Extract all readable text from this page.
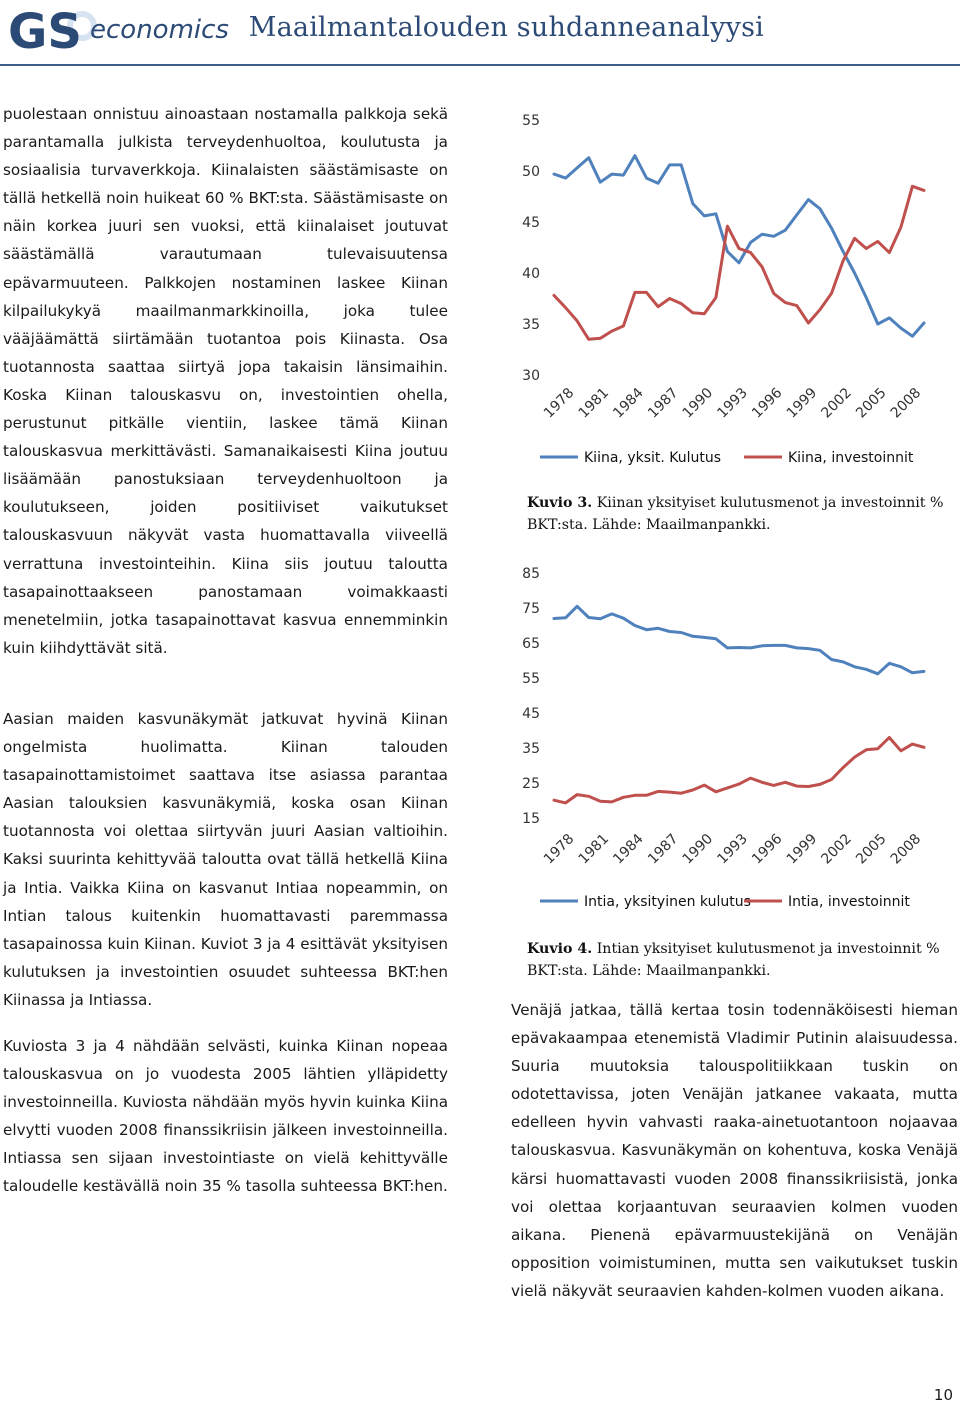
GS economics Maailmantalouden suhdanneanalyysi

puolestaan onnistuu ainoastaan nostamalla palkkoja sekä parantamalla julkista terveydenhuoltoa, koulutusta ja sosiaalisia turvaverkkoja. Kiinalaisten säästämisaste on tällä hetkellä noin huikeat 60 % BKT:sta. Säästämisaste on näin korkea juuri sen vuoksi, että kiinalaiset joutuvat säästämällä varautumaan tulevaisuutensa epävarmuuteen. Palkkojen nostaminen laskee Kiinan kilpailukykyä maailmanmarkkinoilla, joka tulee vääjäämättä siirtämään tuotantoa pois Kiinasta. Osa tuotannosta saattaa siirtyä jopa takaisin länsimaihin. Koska Kiinan talouskasvu on, investointien ohella, perustunut pitkälle vientiin, laskee tämä Kiinan talouskasvua merkittävästi. Samanaikaisesti Kiina joutuu lisäämään panostuksiaan terveydenhuoltoon ja koulutukseen, joiden positiiviset vaikutukset talouskasvuun näkyvät vasta huomattavalla viiveellä verrattuna investointeihin. Kiina siis joutuu taloutta tasapainottaakseen panostamaan voimakkaasti menetelmiin, jotka tasapainottavat kasvua ennemminkin kuin kiihdyttävät sitä.

Aasian maiden kasvunäkymät jatkuvat hyvinä Kiinan ongelmista huolimatta. Kiinan talouden tasapainottamistoimet saattava itse asiassa parantaa Aasian talouksien kasvunäkymiä, koska osan Kiinan tuotannosta voi olettaa siirtyvän juuri Aasian valtioihin. Kaksi suurinta kehittyvää taloutta ovat tällä hetkellä Kiina ja Intia. Vaikka Kiina on kasvanut Intiaa nopeammin, on Intian talous kuitenkin huomattavasti paremmassa tasapainossa kuin Kiinan. Kuviot 3 ja 4 esittävät yksityisen kulutuksen ja investointien osuudet suhteessa BKT:hen Kiinassa ja Intiassa.

Kuviosta 3 ja 4 nähdään selvästi, kuinka Kiinan nopeaa talouskasvua on jo vuodesta 2005 lähtien ylläpidetty investoinneilla. Kuviosta nähdään myös hyvin kuinka Kiina elvytti vuoden 2008 finanssikriisin jälkeen investoinneilla. Intiassa sen sijaan investointiaste on vielä kehittyvälle taloudelle kestävällä noin 35 % tasolla suhteessa BKT:hen.

30
35
40
45
50
55
1978
1981
1984
1987
1990
1993
1996
1999
2002
2005
2008
Kiina, yksit. Kulutus	Kiina, investoinnit
Kuvio 3. Kiinan yksityiset kulutusmenot ja investoinnit % BKT:sta. Lähde: Maailmanpankki.
15
25
35
45
55
65
75
85
1978
1981
1984
1987
1990
1993
1996
1999
2002
2005
2008
Intia, yksityinen kulutus	Intia, investoinnit
Kuvio 4. Intian yksityiset kulutusmenot ja investoinnit % BKT:sta. Lähde: Maailmanpankki.

Venäjä jatkaa, tällä kertaa tosin todennäköisesti hieman epävakaampaa etenemistä Vladimir Putinin alaisuudessa. Suuria muutoksia talouspolitiikkaan tuskin on odotettavissa, joten Venäjän jatkanee vakaata, mutta edelleen hyvin vahvasti raaka-ainetuotantoon nojaavaa talouskasvua. Kasvunäkymän on kohentuva, koska Venäjä kärsi huomattavasti vuoden 2008 finanssikriisistä, jonka voi olettaa korjaantuvan seuraavien kolmen vuoden aikana. Pienenä epävarmuustekijänä on Venäjän opposition voimistuminen, mutta sen vaikutukset tuskin vielä näkyvät seuraavien kahden-kolmen vuoden aikana.

10
